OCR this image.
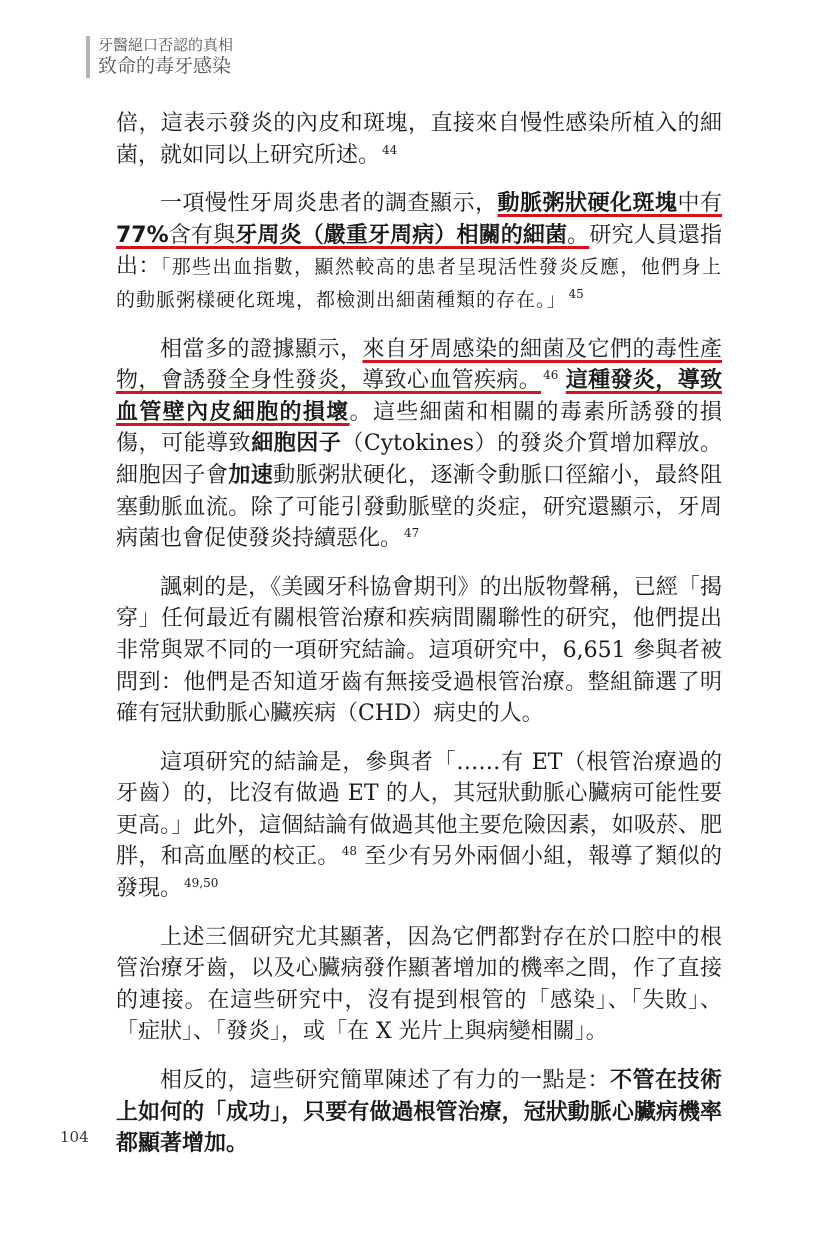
牙醫絕口否認的真相
致命的毒牙感染

倍，這表示發炎的內皮和斑塊，直接來自慢性感染所植入的細菌，就如同以上研究所述。 $^{44}$

一項慢性牙周炎患者的調查顯示，動脈粥狀硬化斑塊中有77%含有與牙周炎（嚴重牙周病）相關的細菌。研究人員還指出：「那些出血指數，顯然較高的患者呈現活性發炎反應，他們身上的動脈粥樣硬化斑塊，都檢測出細菌種類的存在。」 $^{45}$

相當多的證據顯示，來自牙周感染的細菌及它們的毒性產物，會誘發全身性發炎，導致心血管疾病。 $^{46}$ 這種發炎，導致血管壁內皮細胞的損壞。這些細菌和相關的毒素所誘發的損傷，可能導致細胞因子（Cytokines）的發炎介質增加釋放。細胞因子會加速動脈粥狀硬化，逐漸令動脈口徑縮小，最終阻塞動脈血流。除了可能引發動脈壁的炎症，研究還顯示，牙周病菌也會促使發炎持續惡化。 $^{47}$

諷刺的是，《美國牙科協會期刊》的出版物聲稱，已經「揭穿」任何最近有關根管治療和疾病間關聯性的研究，他們提出非常與眾不同的一項研究結論。這項研究中，6,651 參與者被問到：他們是否知道牙齒有無接受過根管治療。整組篩選了明確有冠狀動脈心臟疾病（CHD）病史的人。

這項研究的結論是，參與者「……有 ET（根管治療過的牙齒）的，比沒有做過 ET 的人，其冠狀動脈心臟病可能性要更高。」此外，這個結論有做過其他主要危險因素，如吸菸、肥胖，和高血壓的校正。 $^{48}$ 至少有另外兩個小組，報導了類似的發現。 $^{49,50}$

上述三個研究尤其顯著，因為它們都對存在於口腔中的根管治療牙齒，以及心臟病發作顯著增加的機率之間，作了直接的連接。在這些研究中，沒有提到根管的「感染」、「失敗」、「症狀」、「發炎」，或「在 X 光片上與病變相關」。

相反的，這些研究簡單陳述了有力的一點是：不管在技術上如何的「成功」，只要有做過根管治療，冠狀動脈心臟病機率都顯著增加。

104
